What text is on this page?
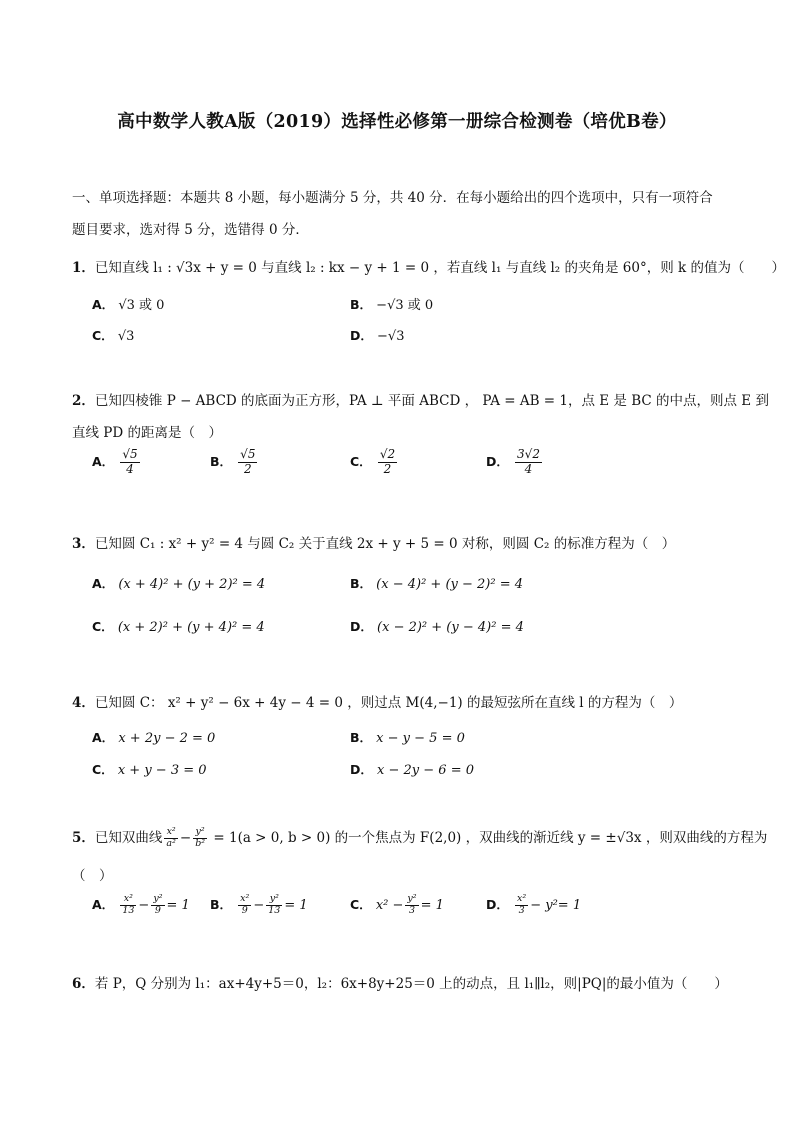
高中数学人教A版（2019）选择性必修第一册综合检测卷（培优B卷）
一、单项选择题：本题共 8 小题，每小题满分 5 分，共 40 分．在每小题给出的四个选项中，只有一项符合
题目要求，选对得 5 分，选错得 0 分．
1．已知直线 l₁ : √3x + y = 0 与直线 l₂ : kx − y + 1 = 0 ，若直线 l₁ 与直线 l₂ 的夹角是 60°，则 k 的值为（　　）
A． √3 或 0	B． −√3 或 0
C． √3	D． −√3
2．已知四棱锥 P − ABCD 的底面为正方形，PA ⊥ 平面 ABCD ， PA = AB = 1，点 E 是 BC 的中点，则点 E 到
直线 PD 的距离是（　）
A． $\frac{√5}{4}$	B． $\frac{√5}{2}$	C． $\frac{√2}{2}$	D． $\frac{3√2}{4}$
3．已知圆 C₁ : x² + y² = 4 与圆 C₂ 关于直线 2x + y + 5 = 0 对称，则圆 C₂ 的标准方程为（　）
A． (x + 4)² + (y + 2)² = 4	B． (x − 4)² + (y − 2)² = 4
C． (x + 2)² + (y + 4)² = 4	D． (x − 2)² + (y − 4)² = 4
4．已知圆 C： x² + y² − 6x + 4y − 4 = 0 ，则过点 M(4,−1) 的最短弦所在直线 l 的方程为（　）
A． x + 2y − 2 = 0	B． x − y − 5 = 0
C． x + y − 3 = 0	D． x − 2y − 6 = 0
5．已知双曲线 $\frac{\text{x²}}{\text{a²}} - \frac{\text{y²}}{\text{b²}} = 1(a > 0$, b > 0) 的一个焦点为 F(2,0) ，双曲线的渐近线 y = ±√3x ，则双曲线的方程为
（　）
A． $\frac{\text{x²}}{13} - \frac{\text{y²}}{9} = 1$ B． $\frac{\text{x²}}{9} - \frac{\text{y²}}{13} = 1$	C． $x^2 - \frac{\text{y²}}{3} = 1$	D． $\frac{\text{x²}}{3} - y^2= 1$
6．若 P，Q 分别为 l₁：ax+4y+5＝0，l₂：6x+8y+25＝0 上的动点，且 l₁∥l₂，则|PQ|的最小值为（　　）
